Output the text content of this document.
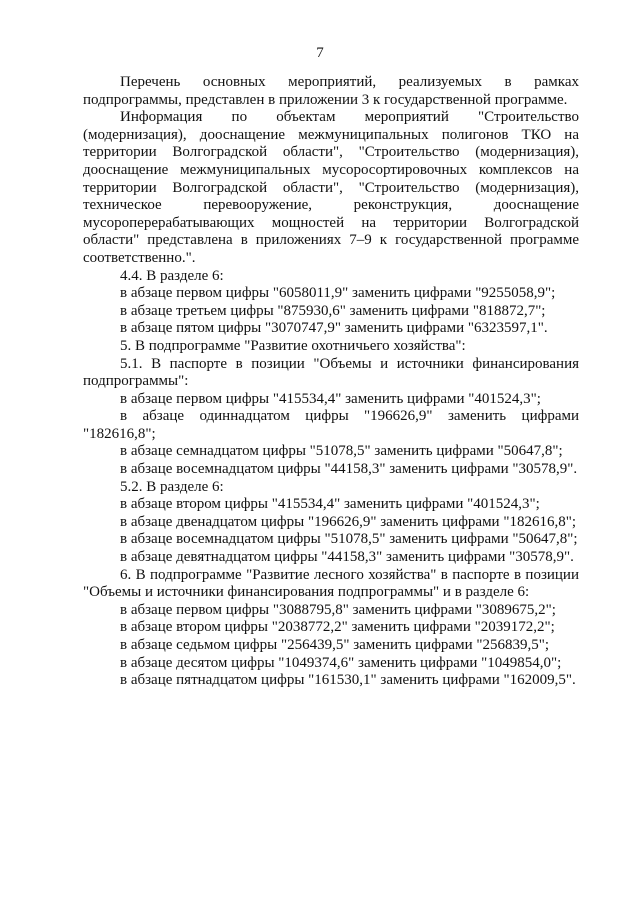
7

Перечень основных мероприятий, реализуемых в рамках подпрограммы, представлен в приложении 3 к государственной программе.

Информация по объектам мероприятий "Строительство (модернизация), дооснащение межмуниципальных полигонов ТКО на территории Волгоградской области", "Строительство (модернизация), дооснащение межмуниципальных мусоросортировочных комплексов на территории Волгоградской области", "Строительство (модернизация), техническое перевооружение, реконструкция, дооснащение мусороперерабатывающих мощностей на территории Волгоградской области" представлена в приложениях 7–9 к государственной программе соответственно.".

4.4. В разделе 6:

в абзаце первом цифры "6058011,9" заменить цифрами "9255058,9";

в абзаце третьем цифры "875930,6" заменить цифрами "818872,7";

в абзаце пятом цифры "3070747,9" заменить цифрами "6323597,1".

5. В подпрограмме "Развитие охотничьего хозяйства":

5.1. В паспорте в позиции "Объемы и источники финансирования подпрограммы":

в абзаце первом цифры "415534,4" заменить цифрами "401524,3";

в абзаце одиннадцатом цифры "196626,9" заменить цифрами "182616,8";

в абзаце семнадцатом цифры "51078,5" заменить цифрами "50647,8";

в абзаце восемнадцатом цифры "44158,3" заменить цифрами "30578,9".

5.2. В разделе 6:

в абзаце втором цифры "415534,4" заменить цифрами "401524,3";

в абзаце двенадцатом цифры "196626,9" заменить цифрами "182616,8";

в абзаце восемнадцатом цифры "51078,5" заменить цифрами "50647,8";

в абзаце девятнадцатом цифры "44158,3" заменить цифрами "30578,9".

6. В подпрограмме "Развитие лесного хозяйства" в паспорте в позиции "Объемы и источники финансирования подпрограммы" и в разделе 6:

в абзаце первом цифры "3088795,8" заменить цифрами "3089675,2";

в абзаце втором цифры "2038772,2" заменить цифрами "2039172,2";

в абзаце седьмом цифры "256439,5" заменить цифрами "256839,5";

в абзаце десятом цифры "1049374,6" заменить цифрами "1049854,0";

в абзаце пятнадцатом цифры "161530,1" заменить цифрами "162009,5".
